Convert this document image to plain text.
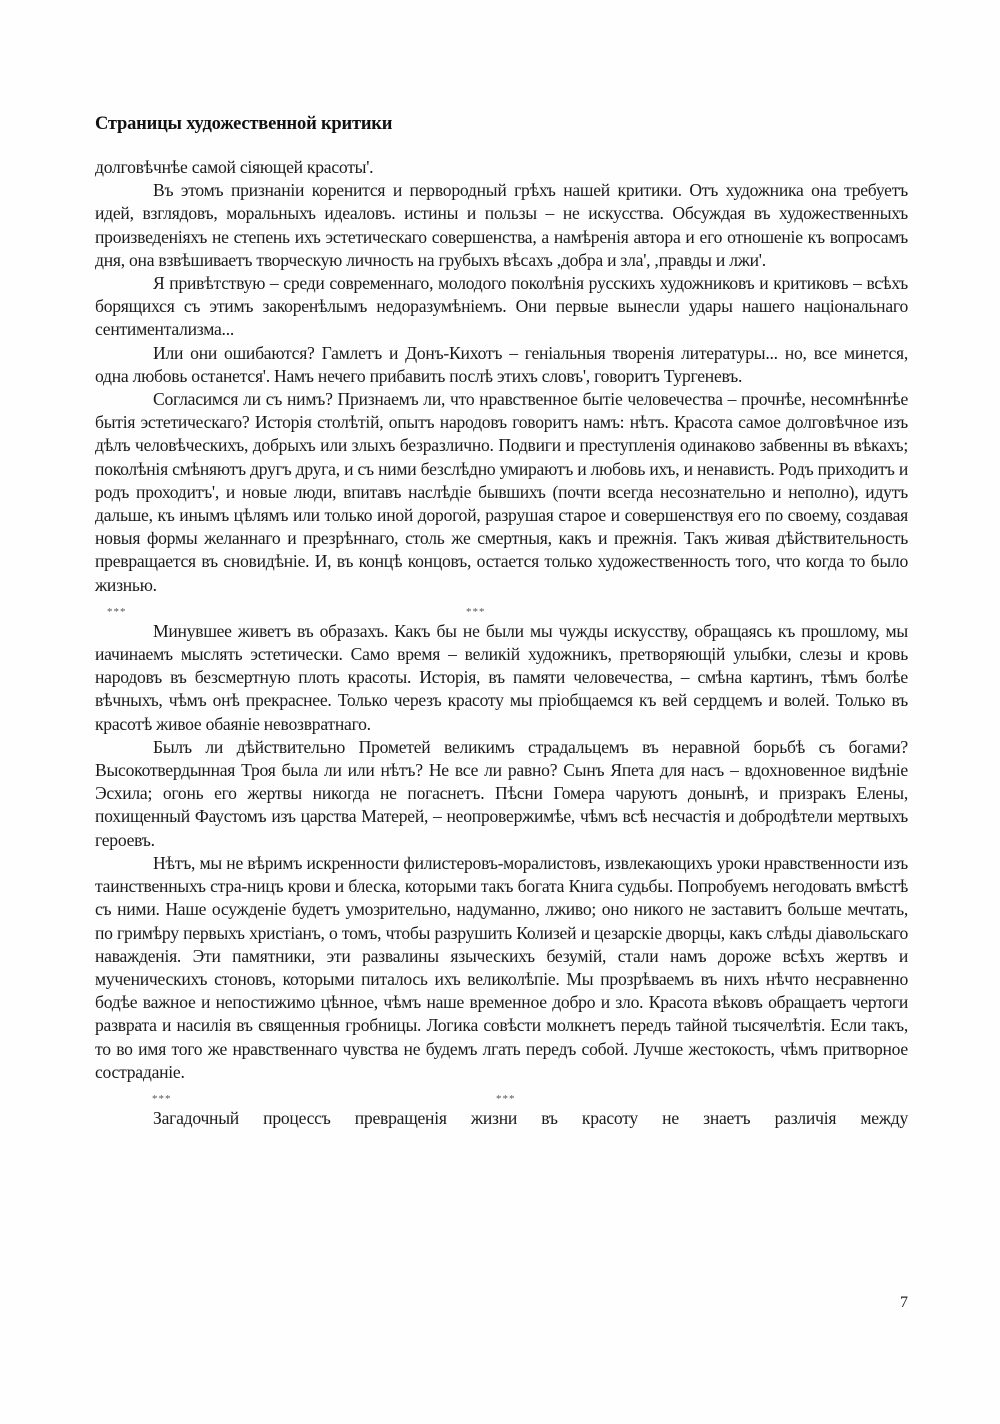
Страницы художественной критики

долговѣчнѣе самой сіяющей красоты'.

Въ этомъ признаніи коренится и первородный грѣхъ нашей критики. Отъ художника она требуетъ идей, взглядовъ, моральныхъ идеаловъ. истины и пользы – не искусства. Обсуждая въ художественныхъ произведеніяхъ не степень ихъ эстетическаго совершенства, а намѣренія автора и его отношеніе къ вопросамъ дня, она взвѣшиваетъ творческую личность на грубыхъ вѣсахъ ,добра и зла', ,правды и лжи'.

Я привѣтствую – среди современнаго, молодого поколѣнія русскихъ художниковъ и критиковъ – всѣхъ борящихся съ этимъ закоренѣлымъ недоразумѣніемъ. Они первые вынесли удары нашего національнаго сентиментализма...

Или они ошибаются? Гамлетъ и Донъ-Кихотъ – геніальныя творенія литературы... но, все минется, одна любовь останется'. Намъ нечего прибавить послѣ этихъ словъ', говоритъ Тургеневъ.

Согласимся ли съ нимъ? Признаемъ ли, что нравственное бытіе человечества – прочнѣе, несомнѣннѣе бытія эстетическаго? Исторія столѣтій, опытъ народовъ говоритъ намъ: нѣтъ. Красота самое долговѣчное изъ дѣлъ человѣческихъ, добрыхъ или злыхъ безразлично. Подвиги и преступленія одинаково забвенны въ вѣкахъ; поколѣнія смѣняютъ другъ друга, и съ ними безслѣдно умираютъ и любовь ихъ, и ненависть. Родъ приходитъ и родъ проходитъ', и новые люди, впитавъ наслѣдіе бывшихъ (почти всегда несознательно и неполно), идутъ дальше, къ инымъ цѣлямъ или только иной дорогой, разрушая старое и совершенствуя его по своему, создавая новыя формы желаннаго и презрѣннаго, столь же смертныя, какъ и прежнія. Такъ живая дѣйствительность превращается въ сновидѣніе. И, въ концѣ концовъ, остается только художественность того, что когда то было жизнью.

***	***

Минувшее живетъ въ образахъ. Какъ бы не были мы чужды искусству, обращаясь къ прошлому, мы иачинаемъ мыслять эстетически. Само время – великій художникъ, претворяющій улыбки, слезы и кровь народовъ въ безсмертную плоть красоты. Исторія, въ памяти человечества, – смѣна картинъ, тѣмъ болѣе вѣчныхъ, чѣмъ онѣ прекраснее. Только черезъ красоту мы пріобщаемся къ вей сердцемъ и волей. Только въ красотѣ живое обаяніе невозвратнаго.

Былъ ли дѣйствительно Прометей великимъ страдальцемъ въ неравной борьбѣ съ богами? Высокотвердынная Троя была ли или нѣтъ? Не все ли равно? Сынъ Япета для насъ – вдохновенное видѣніе Эсхила; огонь его жертвы никогда не погаснетъ. Пѣсни Гомера чаруютъ донынѣ, и призракъ Елены, похищенный Фаустомъ изъ царства Матерей, – неопровержимѣе, чѣмъ всѣ несчастія и добродѣтели мертвыхъ героевъ.

Нѣтъ, мы не вѣримъ искренности филистеровъ-моралистовъ, извлекающихъ уроки нравственности изъ таинственныхъ стра-ницъ крови и блеска, которыми такъ богата Книга судьбы. Попробуемъ негодовать вмѣстѣ съ ними. Наше осужденіе будетъ умозрительно, надуманно, лживо; оно никого не заставитъ больше мечтать, по гримѣру первыхъ христіанъ, о томъ, чтобы разрушить Колизей и цезарскіе дворцы, какъ слѣды діавольскаго наважденія. Эти памятники, эти развалины языческихъ безумій, стали намъ дороже всѣхъ жертвъ и мученическихъ стоновъ, которыми питалось ихъ великолѣпіе. Мы прозрѣваемъ въ нихъ нѣчто несравненно бодѣе важное и непостижимо цѣнное, чѣмъ наше временное добро и зло. Красота вѣковъ обращаетъ чертоги разврата и насилія въ священныя гробницы. Логика совѣсти молкнетъ передъ тайной тысячелѣтія. Если такъ, то во имя того же нравственнаго чувства не будемъ лгать передъ собой. Лучше жестокость, чѣмъ притворное состраданіе.

***	***

Загадочный процессъ превращенія жизни въ красоту не знаетъ различія между

7
